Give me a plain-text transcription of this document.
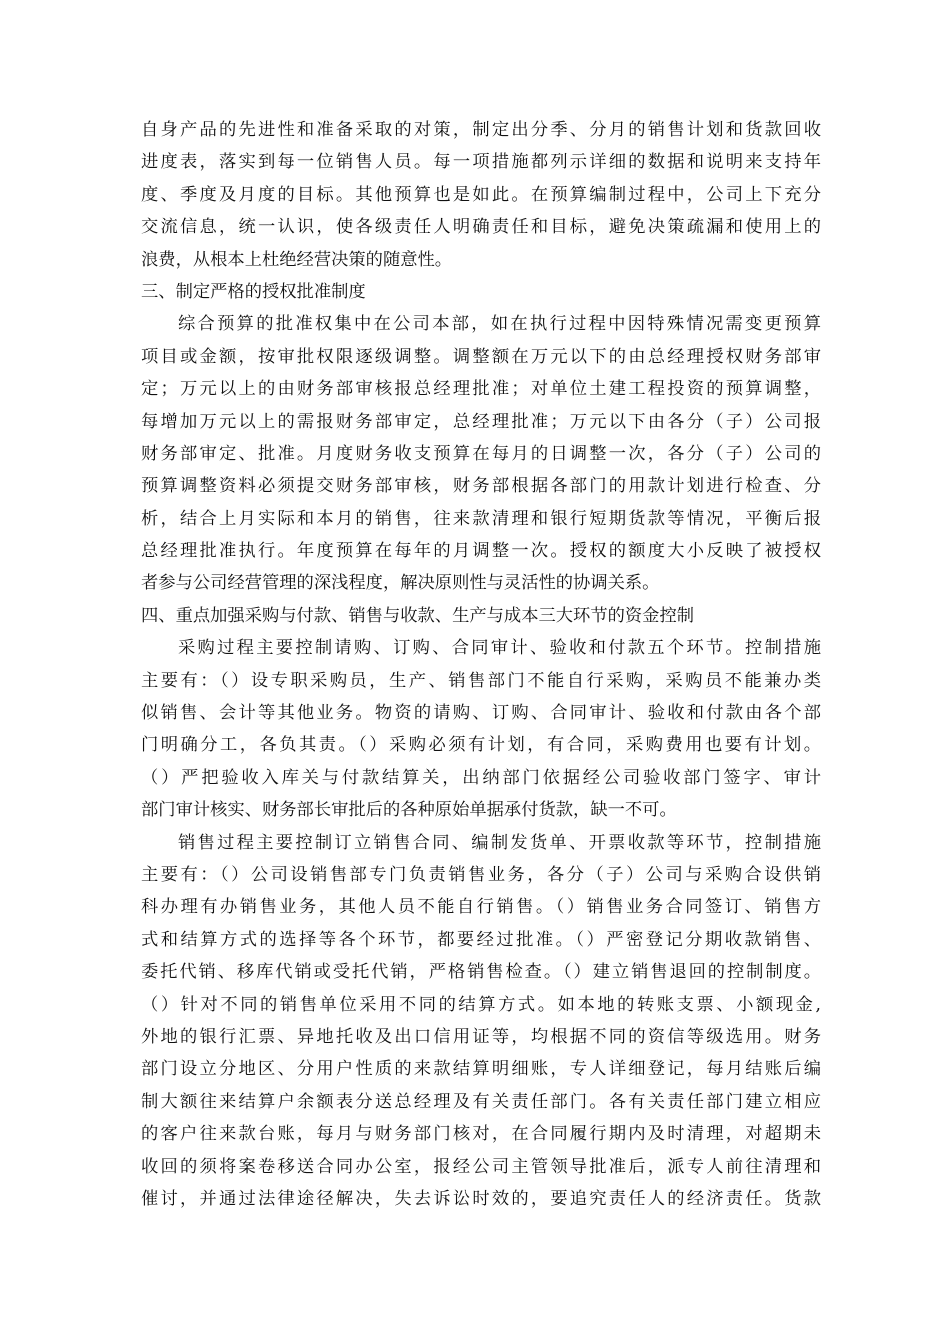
自身产品的先进性和准备采取的对策，制定出分季、分月的销售计划和货款回收
进度表，落实到每一位销售人员。每一项措施都列示详细的数据和说明来支持年
度、季度及月度的目标。其他预算也是如此。在预算编制过程中，公司上下充分
交流信息，统一认识，使各级责任人明确责任和目标，避免决策疏漏和使用上的
浪费，从根本上杜绝经营决策的随意性。
三、制定严格的授权批准制度
综合预算的批准权集中在公司本部，如在执行过程中因特殊情况需变更预算
项目或金额，按审批权限逐级调整。调整额在万元以下的由总经理授权财务部审
定；万元以上的由财务部审核报总经理批准；对单位土建工程投资的预算调整，
每增加万元以上的需报财务部审定，总经理批准；万元以下由各分（子）公司报
财务部审定、批准。月度财务收支预算在每月的日调整一次，各分（子）公司的
预算调整资料必须提交财务部审核，财务部根据各部门的用款计划进行检查、分
析，结合上月实际和本月的销售，往来款清理和银行短期货款等情况，平衡后报
总经理批准执行。年度预算在每年的月调整一次。授权的额度大小反映了被授权
者参与公司经营管理的深浅程度，解决原则性与灵活性的协调关系。
四、重点加强采购与付款、销售与收款、生产与成本三大环节的资金控制
采购过程主要控制请购、订购、合同审计、验收和付款五个环节。控制措施
主要有：（）设专职采购员，生产、销售部门不能自行采购，采购员不能兼办类
似销售、会计等其他业务。物资的请购、订购、合同审计、验收和付款由各个部
门明确分工，各负其责。（）采购必须有计划，有合同，采购费用也要有计划。
（）严把验收入库关与付款结算关，出纳部门依据经公司验收部门签字、审计
部门审计核实、财务部长审批后的各种原始单据承付货款，缺一不可。
销售过程主要控制订立销售合同、编制发货单、开票收款等环节，控制措施
主要有：（）公司设销售部专门负责销售业务，各分（子）公司与采购合设供销
科办理有办销售业务，其他人员不能自行销售。（）销售业务合同签订、销售方
式和结算方式的选择等各个环节，都要经过批准。（）严密登记分期收款销售、
委托代销、移库代销或受托代销，严格销售检查。（）建立销售退回的控制制度。
（）针对不同的销售单位采用不同的结算方式。如本地的转账支票、小额现金,
外地的银行汇票、异地托收及出口信用证等，均根据不同的资信等级选用。财务
部门设立分地区、分用户性质的来款结算明细账，专人详细登记，每月结账后编
制大额往来结算户余额表分送总经理及有关责任部门。各有关责任部门建立相应
的客户往来款台账，每月与财务部门核对，在合同履行期内及时清理，对超期未
收回的须将案卷移送合同办公室，报经公司主管领导批准后，派专人前往清理和
催讨，并通过法律途径解决，失去诉讼时效的，要追究责任人的经济责任。货款
